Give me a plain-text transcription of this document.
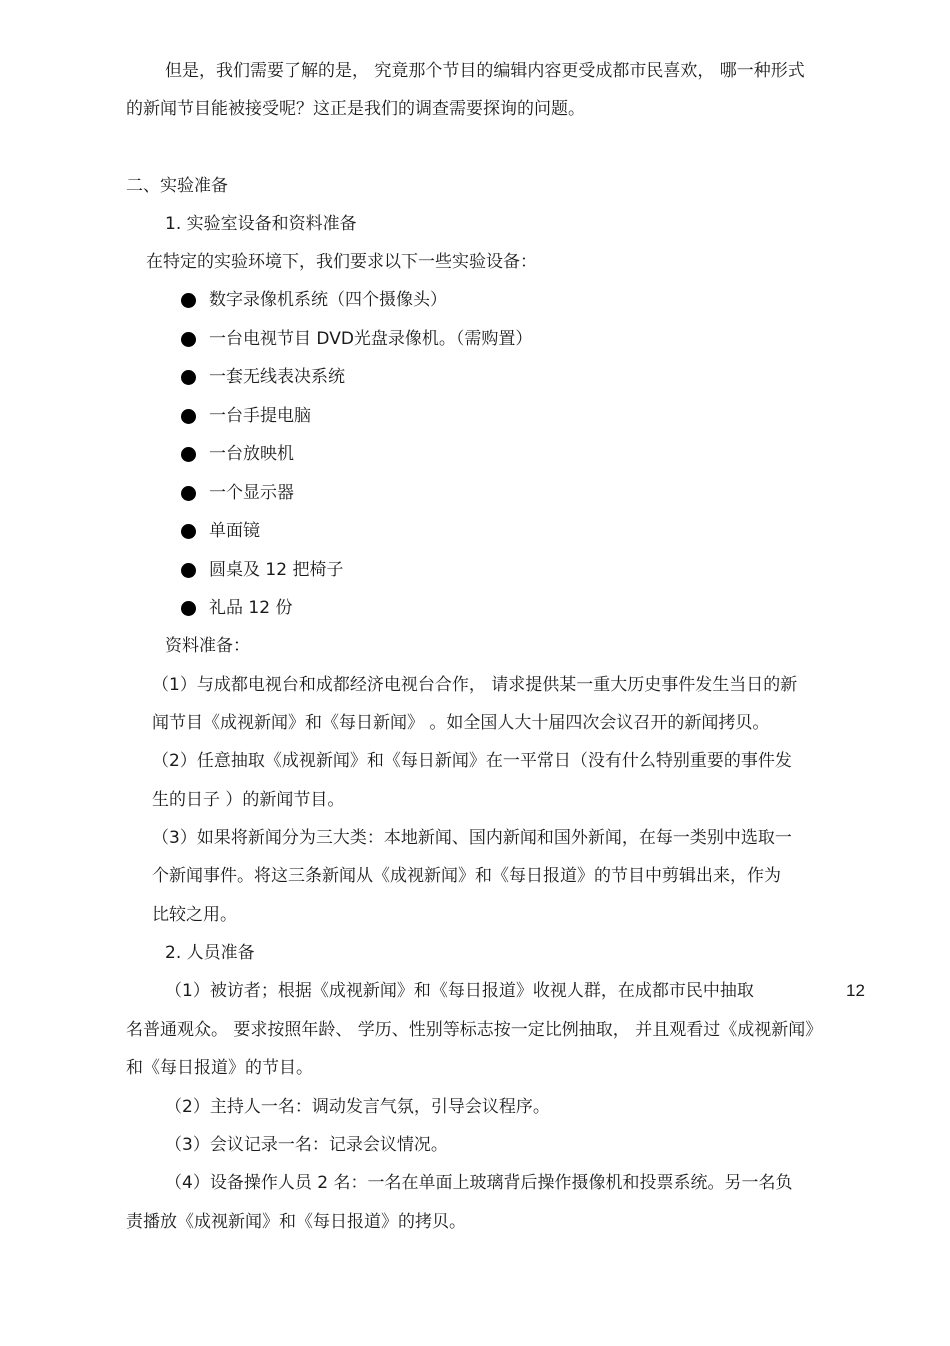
但是，我们需要了解的是， 究竟那个节目的编辑内容更受成都市民喜欢， 哪一种形式
的新闻节目能被接受呢？这正是我们的调查需要探询的问题。
二、实验准备
1. 实验室设备和资料准备
在特定的实验环境下，我们要求以下一些实验设备：
数字录像机系统（四个摄像头）
一台电视节目 DVD光盘录像机。（需购置）
一套无线表决系统
一台手提电脑
一台放映机
一个显示器
单面镜
圆桌及 12 把椅子
礼品 12 份
资料准备：
（1）与成都电视台和成都经济电视台合作， 请求提供某一重大历史事件发生当日的新
闻节目《成视新闻》和《每日新闻》 。如全国人大十届四次会议召开的新闻拷贝。
（2）任意抽取《成视新闻》和《每日新闻》在一平常日（没有什么特别重要的事件发
生的日子 ）的新闻节目。
（3）如果将新闻分为三大类：本地新闻、国内新闻和国外新闻，在每一类别中选取一
个新闻事件。将这三条新闻从《成视新闻》和《每日报道》的节目中剪辑出来，作为
比较之用。
2. 人员准备
（1）被访者；根据《成视新闻》和《每日报道》收视人群，在成都市民中抽取	12
名普通观众。 要求按照年龄、 学历、性别等标志按一定比例抽取， 并且观看过《成视新闻》
和《每日报道》的节目。
（2）主持人一名：调动发言气氛，引导会议程序。
（3）会议记录一名：记录会议情况。
（4）设备操作人员 2 名：一名在单面上玻璃背后操作摄像机和投票系统。另一名负
责播放《成视新闻》和《每日报道》的拷贝。
